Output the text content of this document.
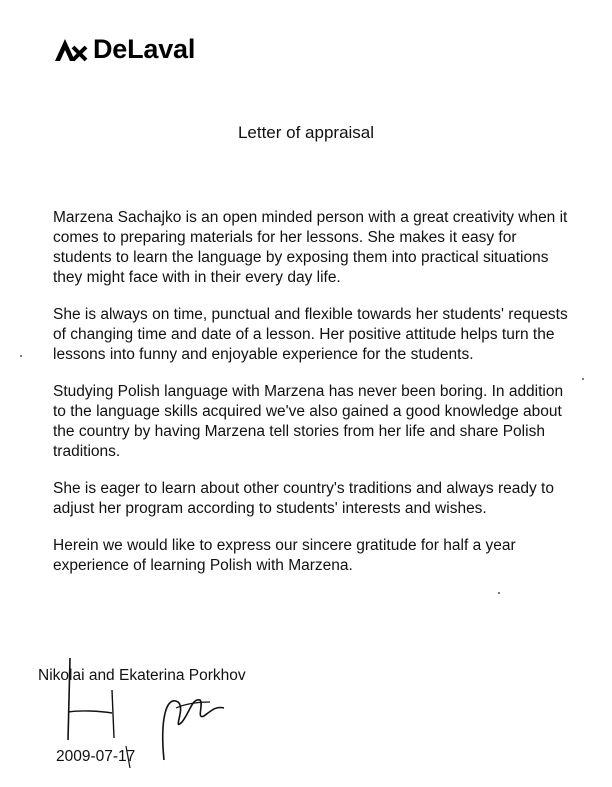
DeLaval
Letter of appraisal

Marzena Sachajko is an open minded person with a great creativity when it comes to preparing materials for her lessons. She makes it easy for students to learn the language by exposing them into practical situations they might face with in their every day life.

She is always on time, punctual and flexible towards her students' requests of changing time and date of a lesson. Her positive attitude helps turn the lessons into funny and enjoyable experience for the students.

Studying Polish language with Marzena has never been boring. In addition to the language skills acquired we've also gained a good knowledge about the country by having Marzena tell stories from her life and share Polish traditions.

She is eager to learn about other country's traditions and always ready to adjust her program according to students' interests and wishes.

Herein we would like to express our sincere gratitude for half a year experience of learning Polish with Marzena.

Nikolai and Ekaterina Porkhov
2009-07-17
